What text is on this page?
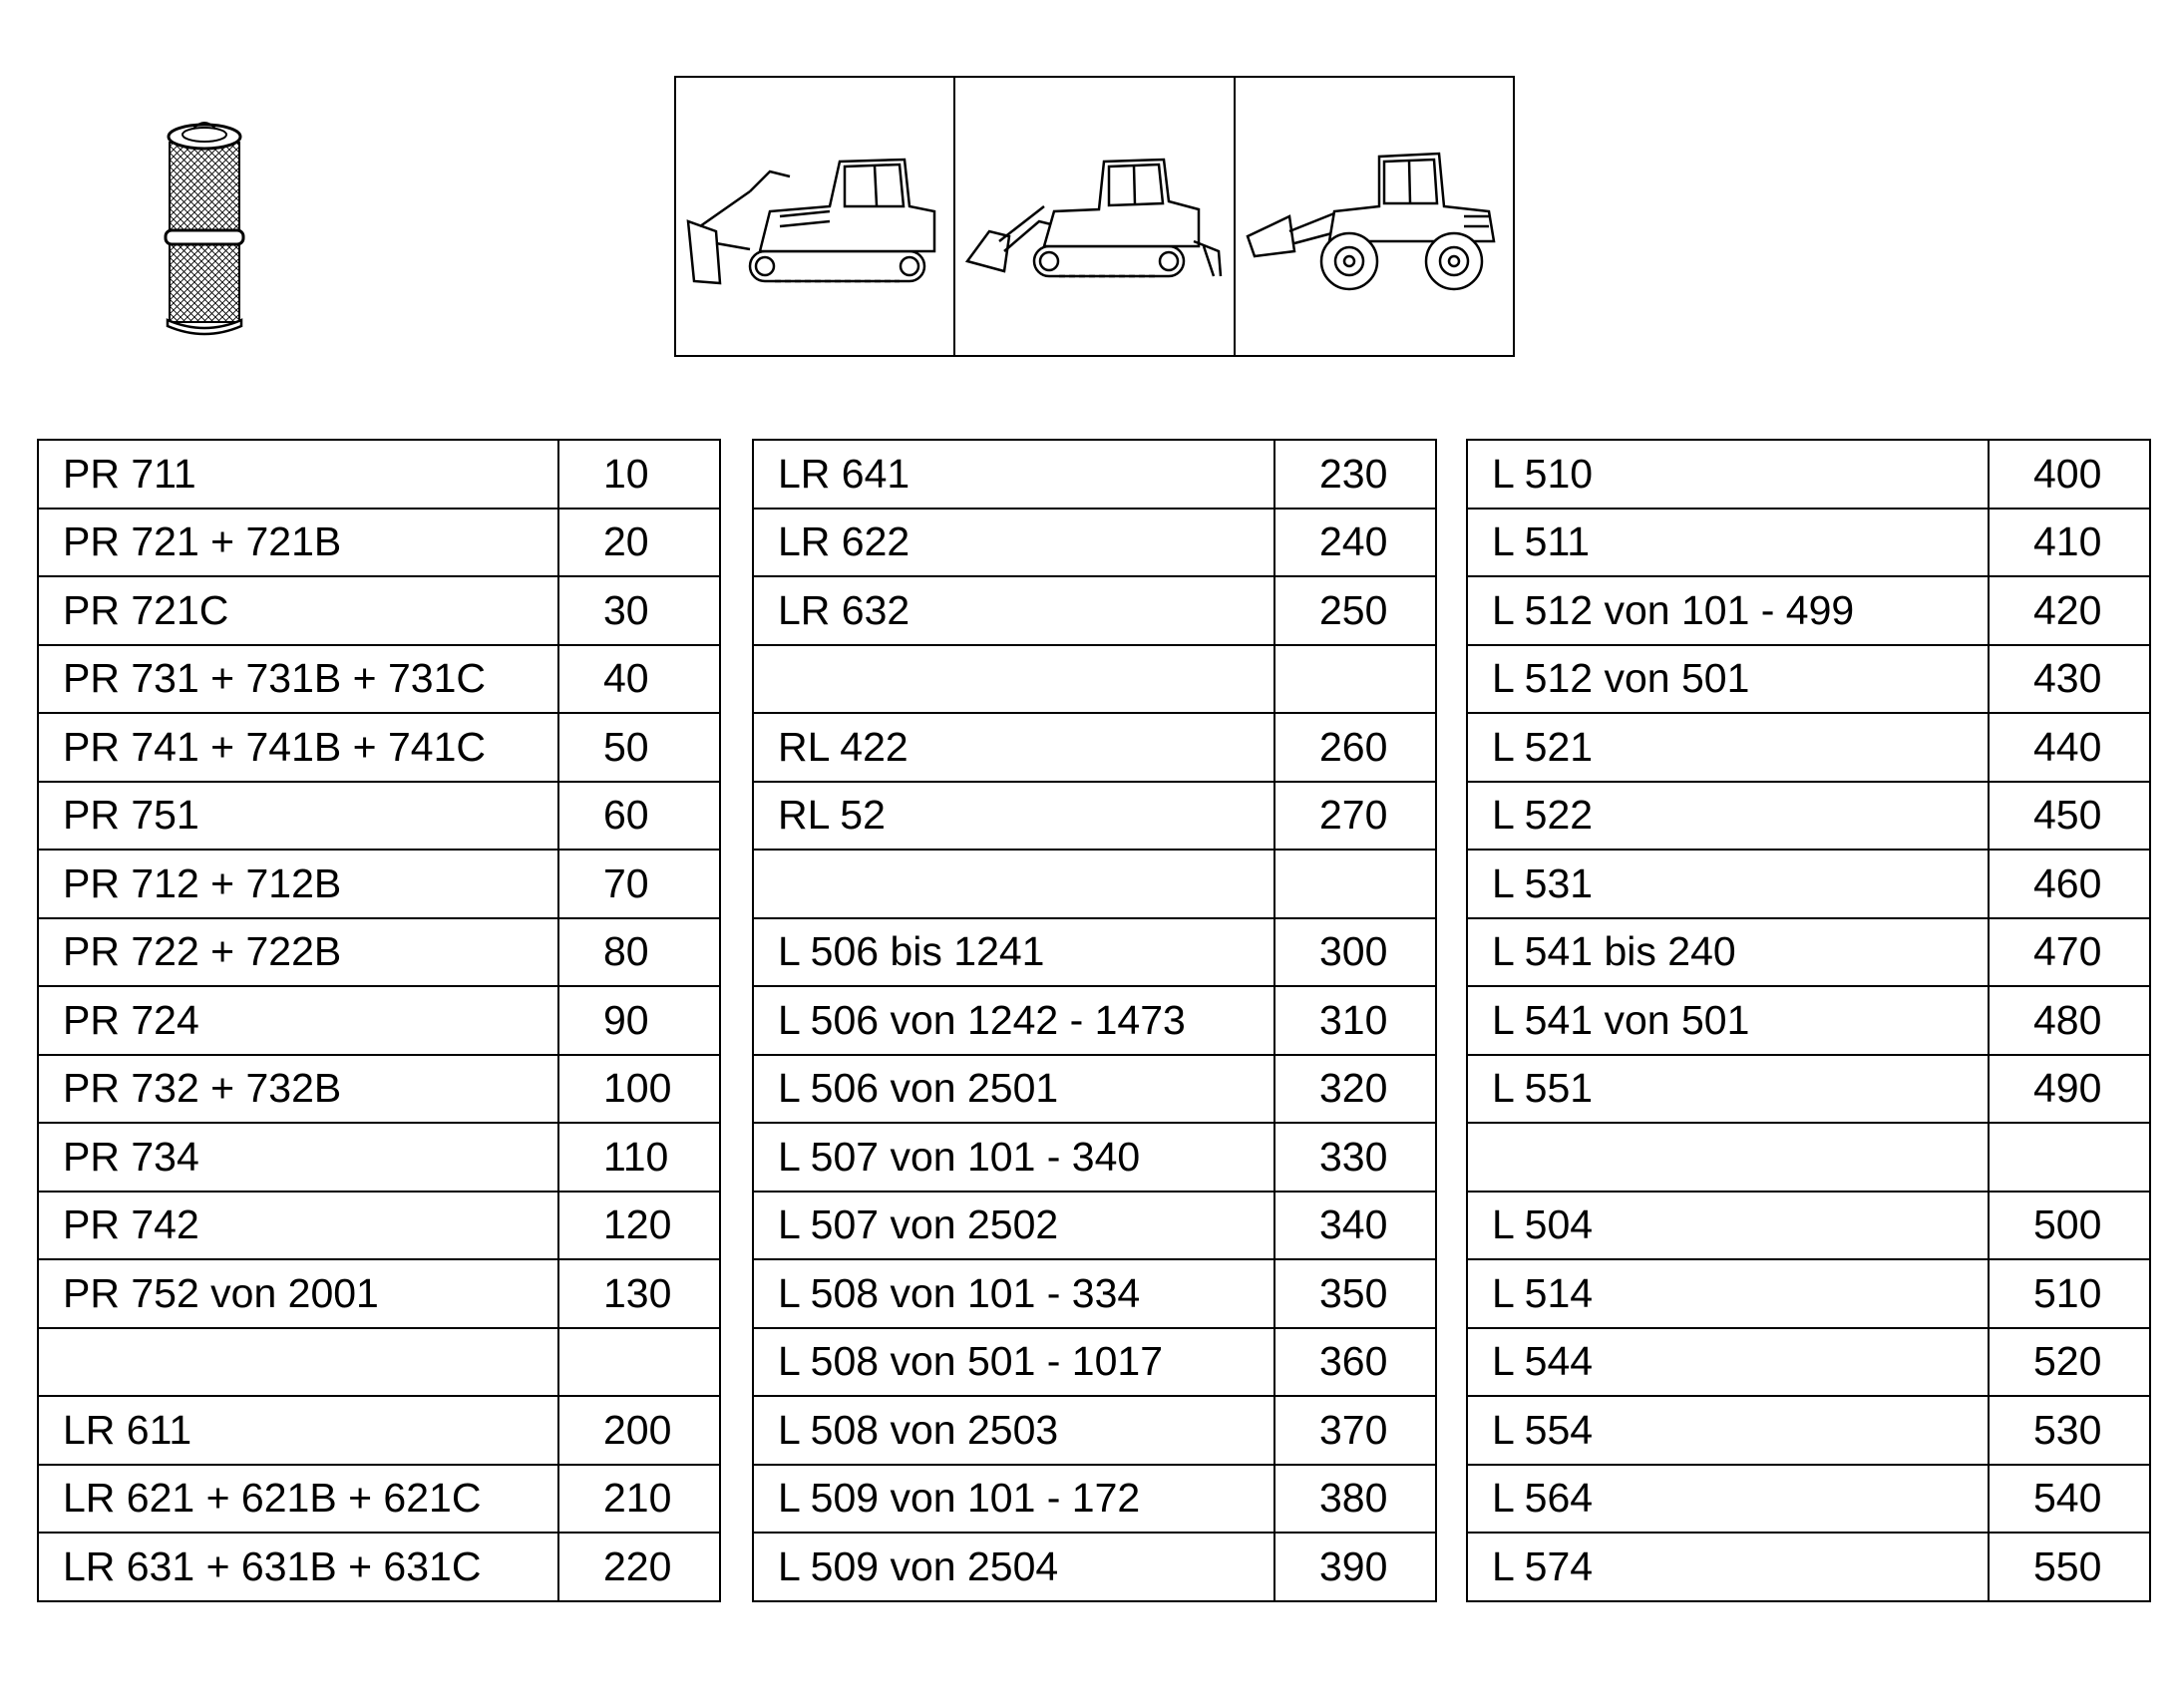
PR 711	10
PR 721 + 721B	20
PR 721C	30
PR 731 + 731B + 731C	40
PR 741 + 741B + 741C	50
PR 751	60
PR 712 + 712B	70
PR 722 + 722B	80
PR 724	90
PR 732 + 732B	100
PR 734	110
PR 742	120
PR 752 von 2001	130

LR 611	200
LR 621 + 621B + 621C	210
LR 631 + 631B + 631C	220
LR 641	230
LR 622	240
LR 632	250

RL 422	260
RL 52	270

L 506 bis 1241	300
L 506 von 1242 - 1473	310
L 506 von 2501	320
L 507 von 101 - 340	330
L 507 von 2502	340
L 508 von 101 - 334	350
L 508 von 501 - 1017	360
L 508 von 2503	370
L 509 von 101 - 172	380
L 509 von 2504	390
L 510	400
L 511	410
L 512 von 101 - 499	420
L 512 von 501	430
L 521	440
L 522	450
L 531	460
L 541 bis 240	470
L 541 von 501	480
L 551	490

L 504	500
L 514	510
L 544	520
L 554	530
L 564	540
L 574	550
